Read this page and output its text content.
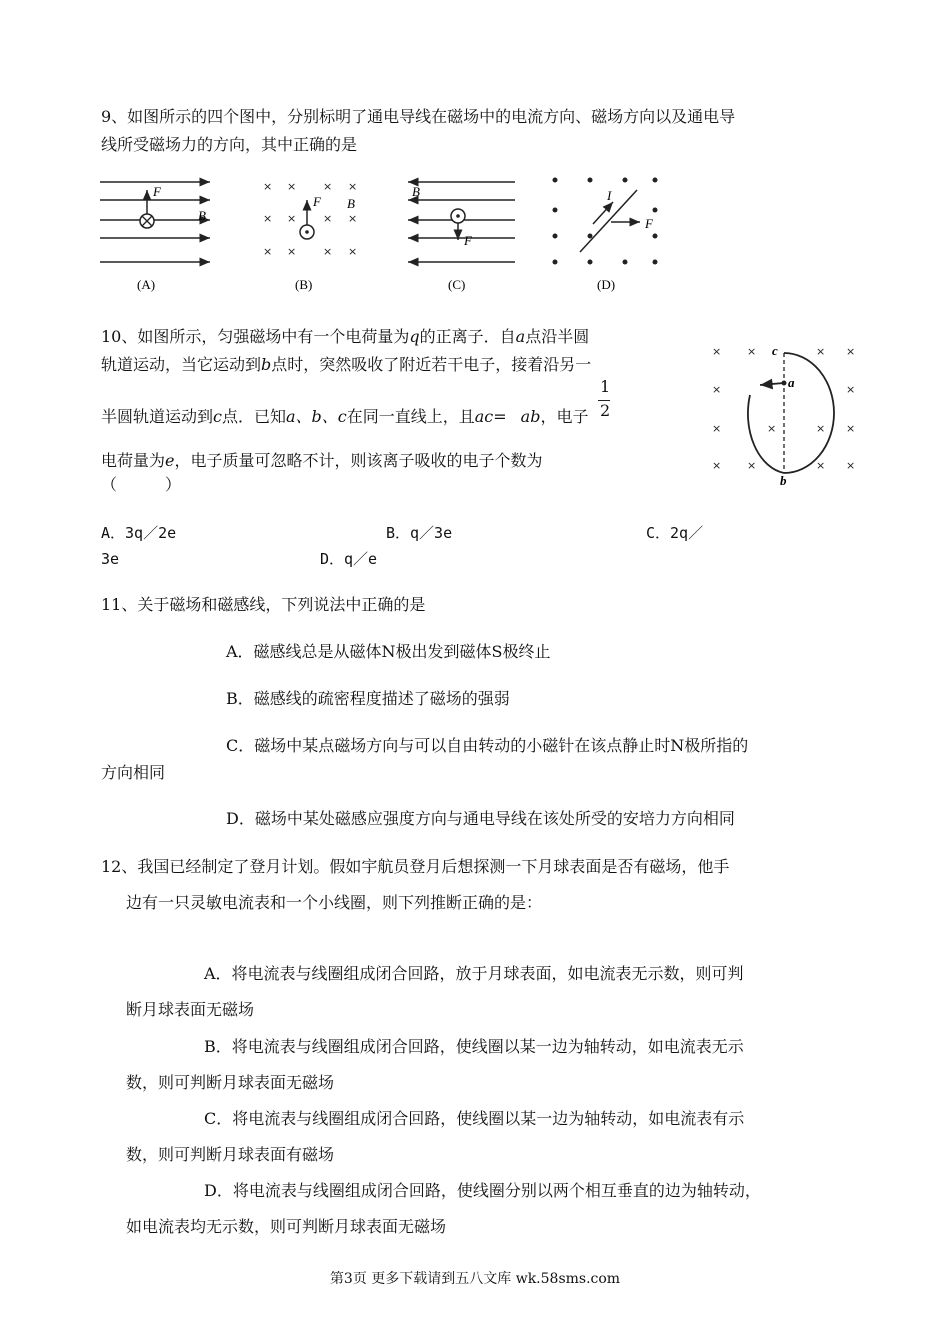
9、如图所示的四个图中，分别标明了通电导线在磁场中的电流方向、磁场方向以及通电导
线所受磁场力的方向，其中正确的是
F
B
(A)
× × × ×
× × × ×
× × × ×
F B
(B)
B
F
(C)
I
F
(D)
10、如图所示，匀强磁场中有一个电荷量为q的正离子．自a点沿半圆
轨道运动，当它运动到b点时，突然吸收了附近若干电子，接着沿另一
半圆轨道运动到c点．已知a、b、c在同一直线上，且ac= ab，电子
1
2
电荷量为e，电子质量可忽略不计，则该离子吸收的电子个数为
（　　　）
× ×	× ×
×	×
×	×	× ×
× ×	× ×
a
c
b
A．3q／2e	B．q／3e	C．2q／
3e	D．q／e
11、关于磁场和磁感线，下列说法中正确的是
A．磁感线总是从磁体N极出发到磁体S极终止
B．磁感线的疏密程度描述了磁场的强弱
C．磁场中某点磁场方向与可以自由转动的小磁针在该点静止时N极所指的
方向相同
D．磁场中某处磁感应强度方向与通电导线在该处所受的安培力方向相同
12、我国已经制定了登月计划。假如宇航员登月后想探测一下月球表面是否有磁场，他手
边有一只灵敏电流表和一个小线圈，则下列推断正确的是：
A．将电流表与线圈组成闭合回路，放于月球表面，如电流表无示数，则可判
断月球表面无磁场
B．将电流表与线圈组成闭合回路，使线圈以某一边为轴转动，如电流表无示
数，则可判断月球表面无磁场
C．将电流表与线圈组成闭合回路，使线圈以某一边为轴转动，如电流表有示
数，则可判断月球表面有磁场
D．将电流表与线圈组成闭合回路，使线圈分别以两个相互垂直的边为轴转动，
如电流表均无示数，则可判断月球表面无磁场
第3页 更多下载请到五八文库 wk.58sms.com
